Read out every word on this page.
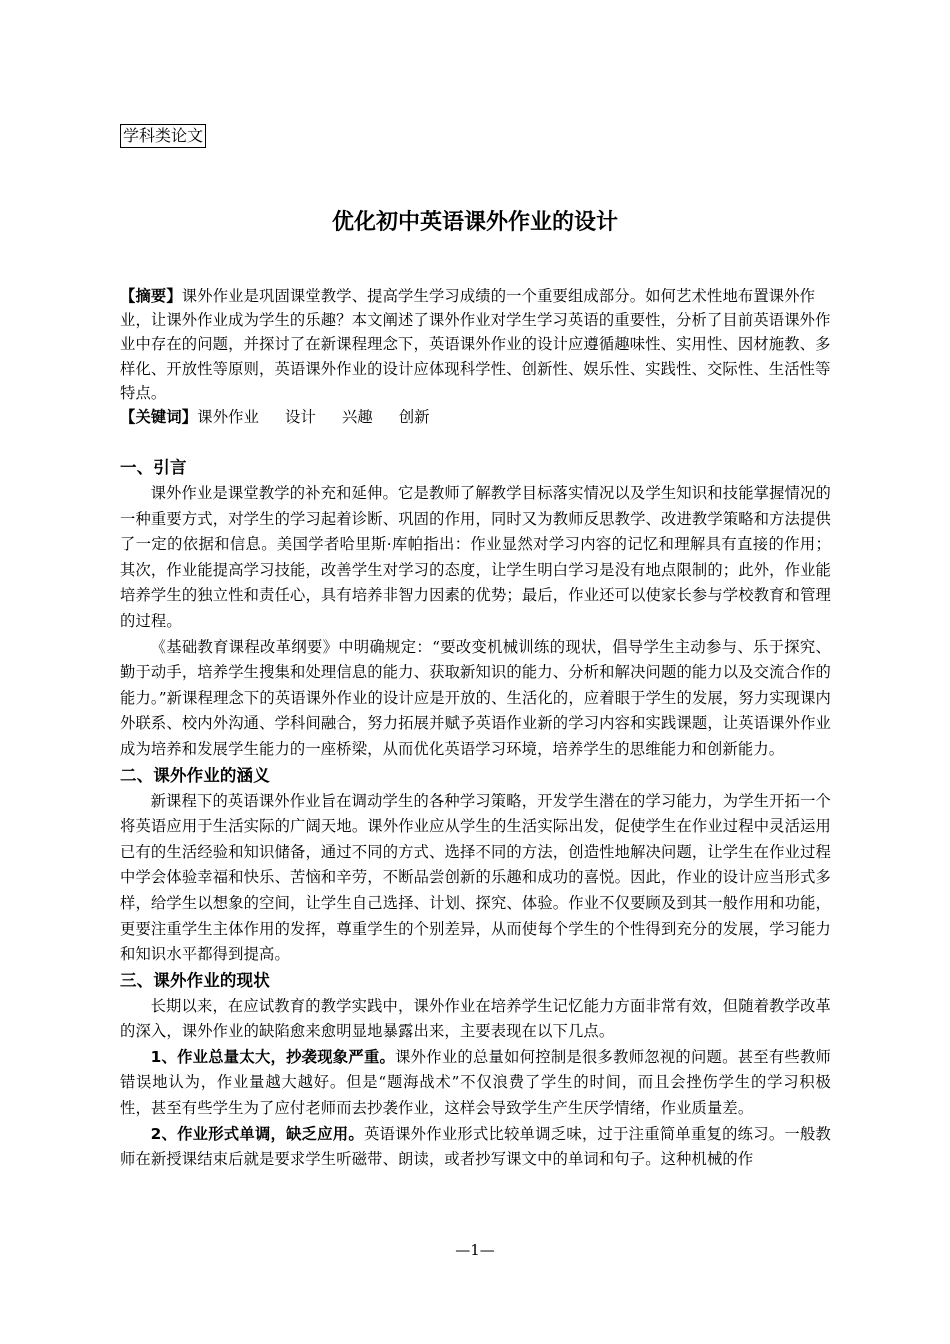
学科类论文
优化初中英语课外作业的设计
【摘要】课外作业是巩固课堂教学、提高学生学习成绩的一个重要组成部分。如何艺术性地布置课外作业，让课外作业成为学生的乐趣？本文阐述了课外作业对学生学习英语的重要性，分析了目前英语课外作业中存在的问题，并探讨了在新课程理念下，英语课外作业的设计应遵循趣味性、实用性、因材施教、多样化、开放性等原则，英语课外作业的设计应体现科学性、创新性、娱乐性、实践性、交际性、生活性等特点。
【关键词】课外作业 设计 兴趣 创新
一、引言

课外作业是课堂教学的补充和延伸。它是教师了解教学目标落实情况以及学生知识和技能掌握情况的一种重要方式，对学生的学习起着诊断、巩固的作用，同时又为教师反思教学、改进教学策略和方法提供了一定的依据和信息。美国学者哈里斯·库帕指出：作业显然对学习内容的记忆和理解具有直接的作用；其次，作业能提高学习技能，改善学生对学习的态度，让学生明白学习是没有地点限制的；此外，作业能培养学生的独立性和责任心，具有培养非智力因素的优势；最后，作业还可以使家长参与学校教育和管理的过程。

《基础教育课程改革纲要》中明确规定：“要改变机械训练的现状，倡导学生主动参与、乐于探究、勤于动手，培养学生搜集和处理信息的能力、获取新知识的能力、分析和解决问题的能力以及交流合作的能力。”新课程理念下的英语课外作业的设计应是开放的、生活化的，应着眼于学生的发展，努力实现课内外联系、校内外沟通、学科间融合，努力拓展并赋予英语作业新的学习内容和实践课题，让英语课外作业成为培养和发展学生能力的一座桥梁，从而优化英语学习环境，培养学生的思维能力和创新能力。

二、课外作业的涵义

新课程下的英语课外作业旨在调动学生的各种学习策略，开发学生潜在的学习能力，为学生开拓一个将英语应用于生活实际的广阔天地。课外作业应从学生的生活实际出发，促使学生在作业过程中灵活运用已有的生活经验和知识储备，通过不同的方式、选择不同的方法，创造性地解决问题，让学生在作业过程中学会体验幸福和快乐、苦恼和辛劳，不断品尝创新的乐趣和成功的喜悦。因此，作业的设计应当形式多样，给学生以想象的空间，让学生自己选择、计划、探究、体验。作业不仅要顾及到其一般作用和功能，更要注重学生主体作用的发挥，尊重学生的个别差异，从而使每个学生的个性得到充分的发展，学习能力和知识水平都得到提高。

三、课外作业的现状

长期以来，在应试教育的教学实践中，课外作业在培养学生记忆能力方面非常有效，但随着教学改革的深入，课外作业的缺陷愈来愈明显地暴露出来，主要表现在以下几点。

1、作业总量太大，抄袭现象严重。课外作业的总量如何控制是很多教师忽视的问题。甚至有些教师错误地认为，作业量越大越好。但是“题海战术”不仅浪费了学生的时间，而且会挫伤学生的学习积极性，甚至有些学生为了应付老师而去抄袭作业，这样会导致学生产生厌学情绪，作业质量差。

2、作业形式单调，缺乏应用。英语课外作业形式比较单调乏味，过于注重简单重复的练习。一般教师在新授课结束后就是要求学生听磁带、朗读，或者抄写课文中的单词和句子。这种机械的作

—1—
